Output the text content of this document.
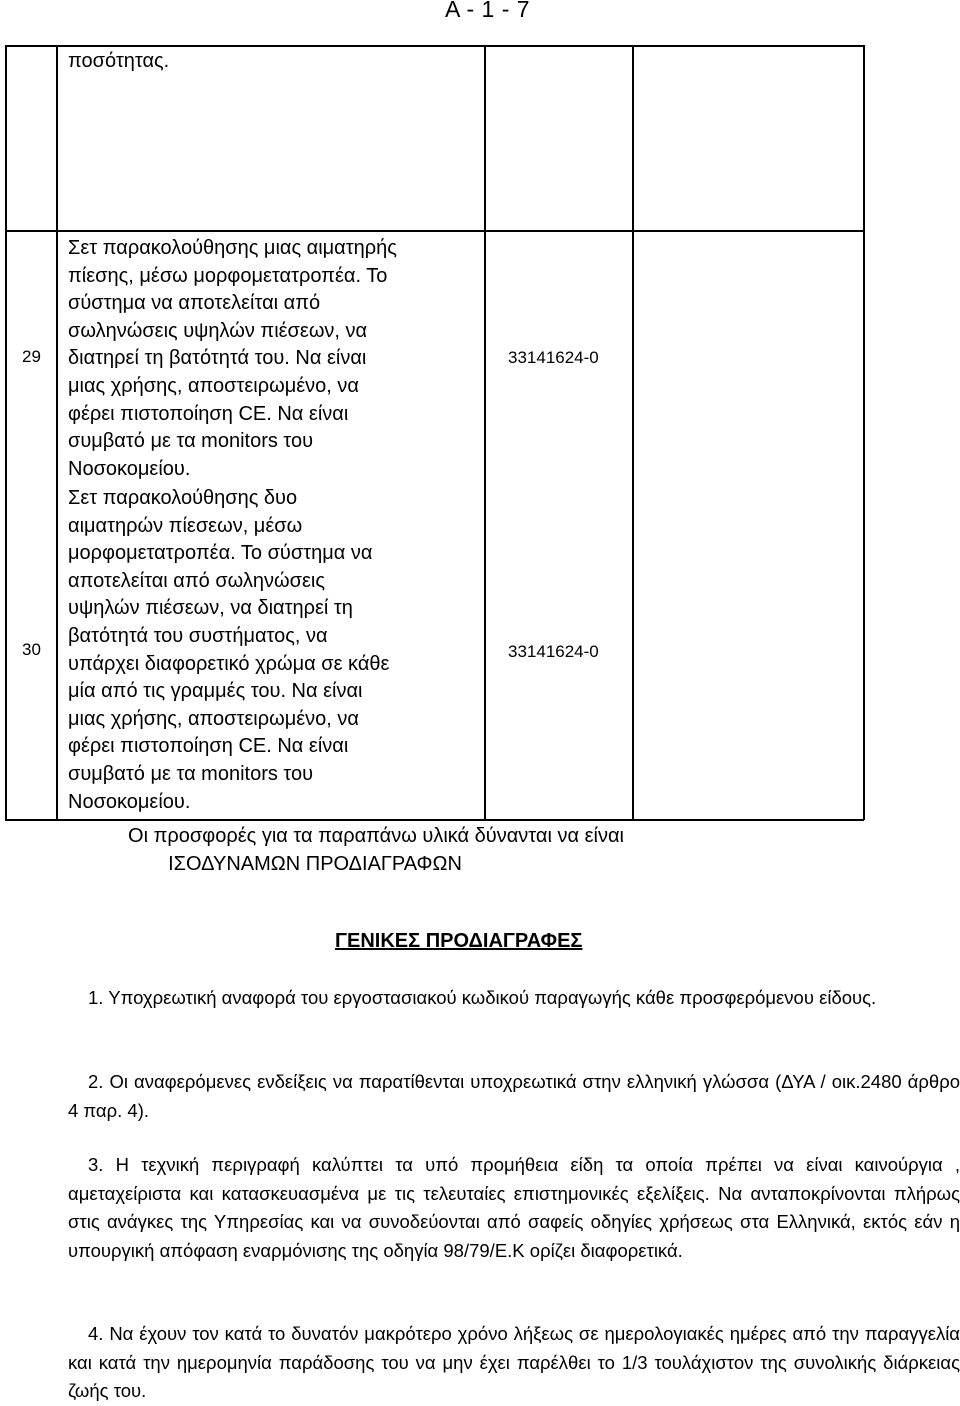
A - 1 - 7
ποσότητας.
29
Σετ παρακολούθησης μιας αιματηρής
πίεσης, μέσω μορφομετατροπέα. Το
σύστημα να αποτελείται από
σωληνώσεις υψηλών πιέσεων, να
διατηρεί τη βατότητά του. Να είναι
μιας χρήσης, αποστειρωμένο, να
φέρει πιστοποίηση CE. Να είναι
συμβατό με τα monitors του
Νοσοκομείου.
33141624-0
30
Σετ παρακολούθησης δυο
αιματηρών πίεσεων, μέσω
μορφομετατροπέα. Το σύστημα να
αποτελείται από σωληνώσεις
υψηλών πιέσεων, να διατηρεί τη
βατότητά του συστήματος, να
υπάρχει διαφορετικό χρώμα σε κάθε
μία από τις γραμμές του. Να είναι
μιας χρήσης, αποστειρωμένο, να
φέρει πιστοποίηση CE. Να είναι
συμβατό με τα monitors του
Νοσοκομείου.
33141624-0
Οι προσφορές για τα παραπάνω υλικά δύνανται να είναι
ΙΣΟΔΥΝΑΜΩΝ ΠΡΟΔΙΑΓΡΑΦΩΝ
ΓΕΝΙΚΕΣ ΠΡΟΔΙΑΓΡΑΦΕΣ
1. Υποχρεωτική αναφορά του εργοστασιακού κωδικού παραγωγής κάθε προσφερόμενου είδους.
2. Οι αναφερόμενες ενδείξεις να παρατίθενται υποχρεωτικά στην ελληνική γλώσσα (ΔΥΑ / οικ.2480 άρθρο 4 παρ. 4).
3. Η τεχνική περιγραφή καλύπτει τα υπό προμήθεια είδη τα οποία πρέπει να είναι καινούργια , αμεταχείριστα και κατασκευασμένα με τις τελευταίες επιστημονικές εξελίξεις. Να ανταποκρίνονται πλήρως στις ανάγκες της Υπηρεσίας και να συνοδεύονται από σαφείς οδηγίες χρήσεως στα Ελληνικά, εκτός εάν η υπουργική απόφαση εναρμόνισης της οδηγία 98/79/Ε.Κ ορίζει διαφορετικά.
4. Να έχουν τον κατά το δυνατόν μακρότερο χρόνο λήξεως σε ημερολογιακές ημέρες από την παραγγελία και κατά την ημερομηνία παράδοσης του να μην έχει παρέλθει το 1/3 τουλάχιστον της συνολικής διάρκειας ζωής του.
